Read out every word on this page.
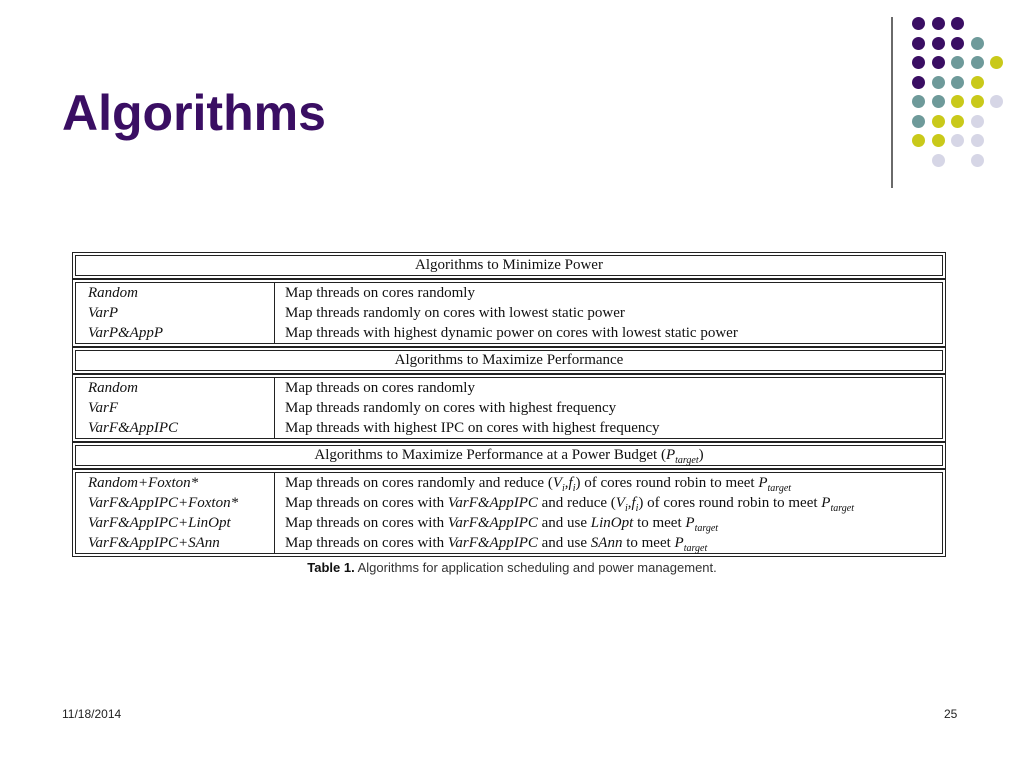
Algorithms
Algorithms to Minimize Power
Random
VarP
VarP&AppP
Map threads on cores randomly
Map threads randomly on cores with lowest static power
Map threads with highest dynamic power on cores with lowest static power
Algorithms to Maximize Performance
Random
VarF
VarF&AppIPC
Map threads on cores randomly
Map threads randomly on cores with highest frequency
Map threads with highest IPC on cores with highest frequency
Algorithms to Maximize Performance at a Power Budget $(P_{target})$
Random+Foxton*
VarF&AppIPC+Foxton*
VarF&AppIPC+LinOpt
VarF&AppIPC+SAnn
Map threads on cores randomly and reduce $(V_i,f_i)$ of cores round robin to meet $P_{target}$
Map threads on cores with VarF&AppIPC and reduce $(V_i,f_i)$ of cores round robin to meet $P_{target}$
Map threads on cores with VarF&AppIPC and use LinOpt to meet $P_{target}$
Map threads on cores with VarF&AppIPC and use SAnn to meet $P_{target}$
Table 1. Algorithms for application scheduling and power management.
11/18/2014	25
